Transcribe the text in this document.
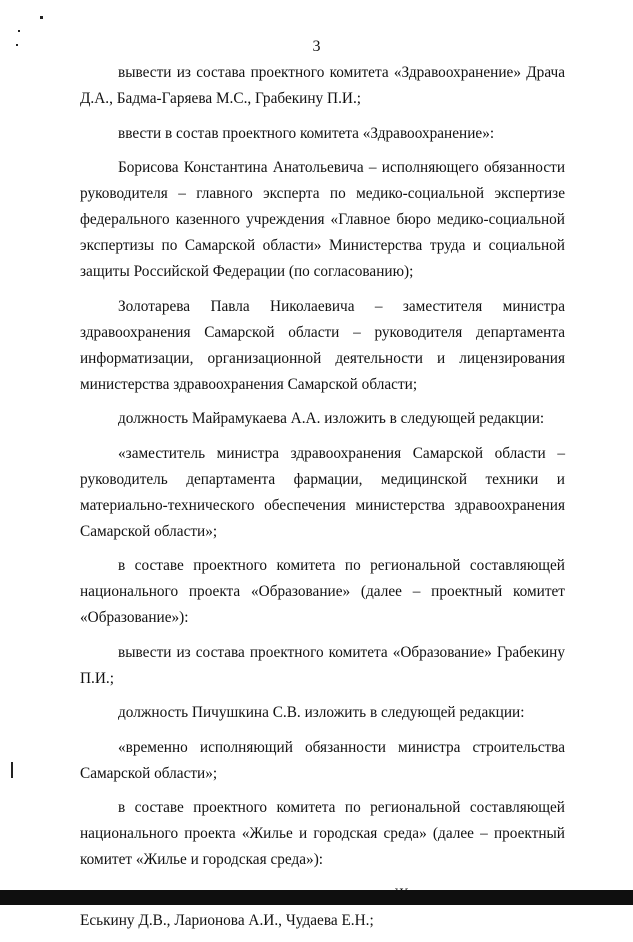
3

вывести из состава проектного комитета «Здравоохранение» Драча Д.А., Бадма-Гаряева М.С., Грабекину П.И.;

ввести в состав проектного комитета «Здравоохранение»:

Борисова Константина Анатольевича – исполняющего обязанности руководителя – главного эксперта по медико-социальной экспертизе федерального казенного учреждения «Главное бюро медико-социальной экспертизы по Самарской области» Министерства труда и социальной защиты Российской Федерации (по согласованию);

Золотарева Павла Николаевича – заместителя министра здравоохранения Самарской области – руководителя департамента информатизации, организационной деятельности и лицензирования министерства здравоохранения Самарской области;

должность Майрамукаева А.А. изложить в следующей редакции:

«заместитель министра здравоохранения Самарской области – руководитель департамента фармации, медицинской техники и материально-технического обеспечения министерства здравоохранения Самарской области»;

в составе проектного комитета по региональной составляющей национального проекта «Образование» (далее – проектный комитет «Образование»):

вывести из состава проектного комитета «Образование» Грабекину П.И.;

должность Пичушкина С.В. изложить в следующей редакции:

«временно исполняющий обязанности министра строительства Самарской области»;

в составе проектного комитета по региональной составляющей национального проекта «Жилье и городская среда» (далее – проектный комитет «Жилье и городская среда»):

Еськину Д.В., Ларионова А.И., Чудаева Е.Н.;
